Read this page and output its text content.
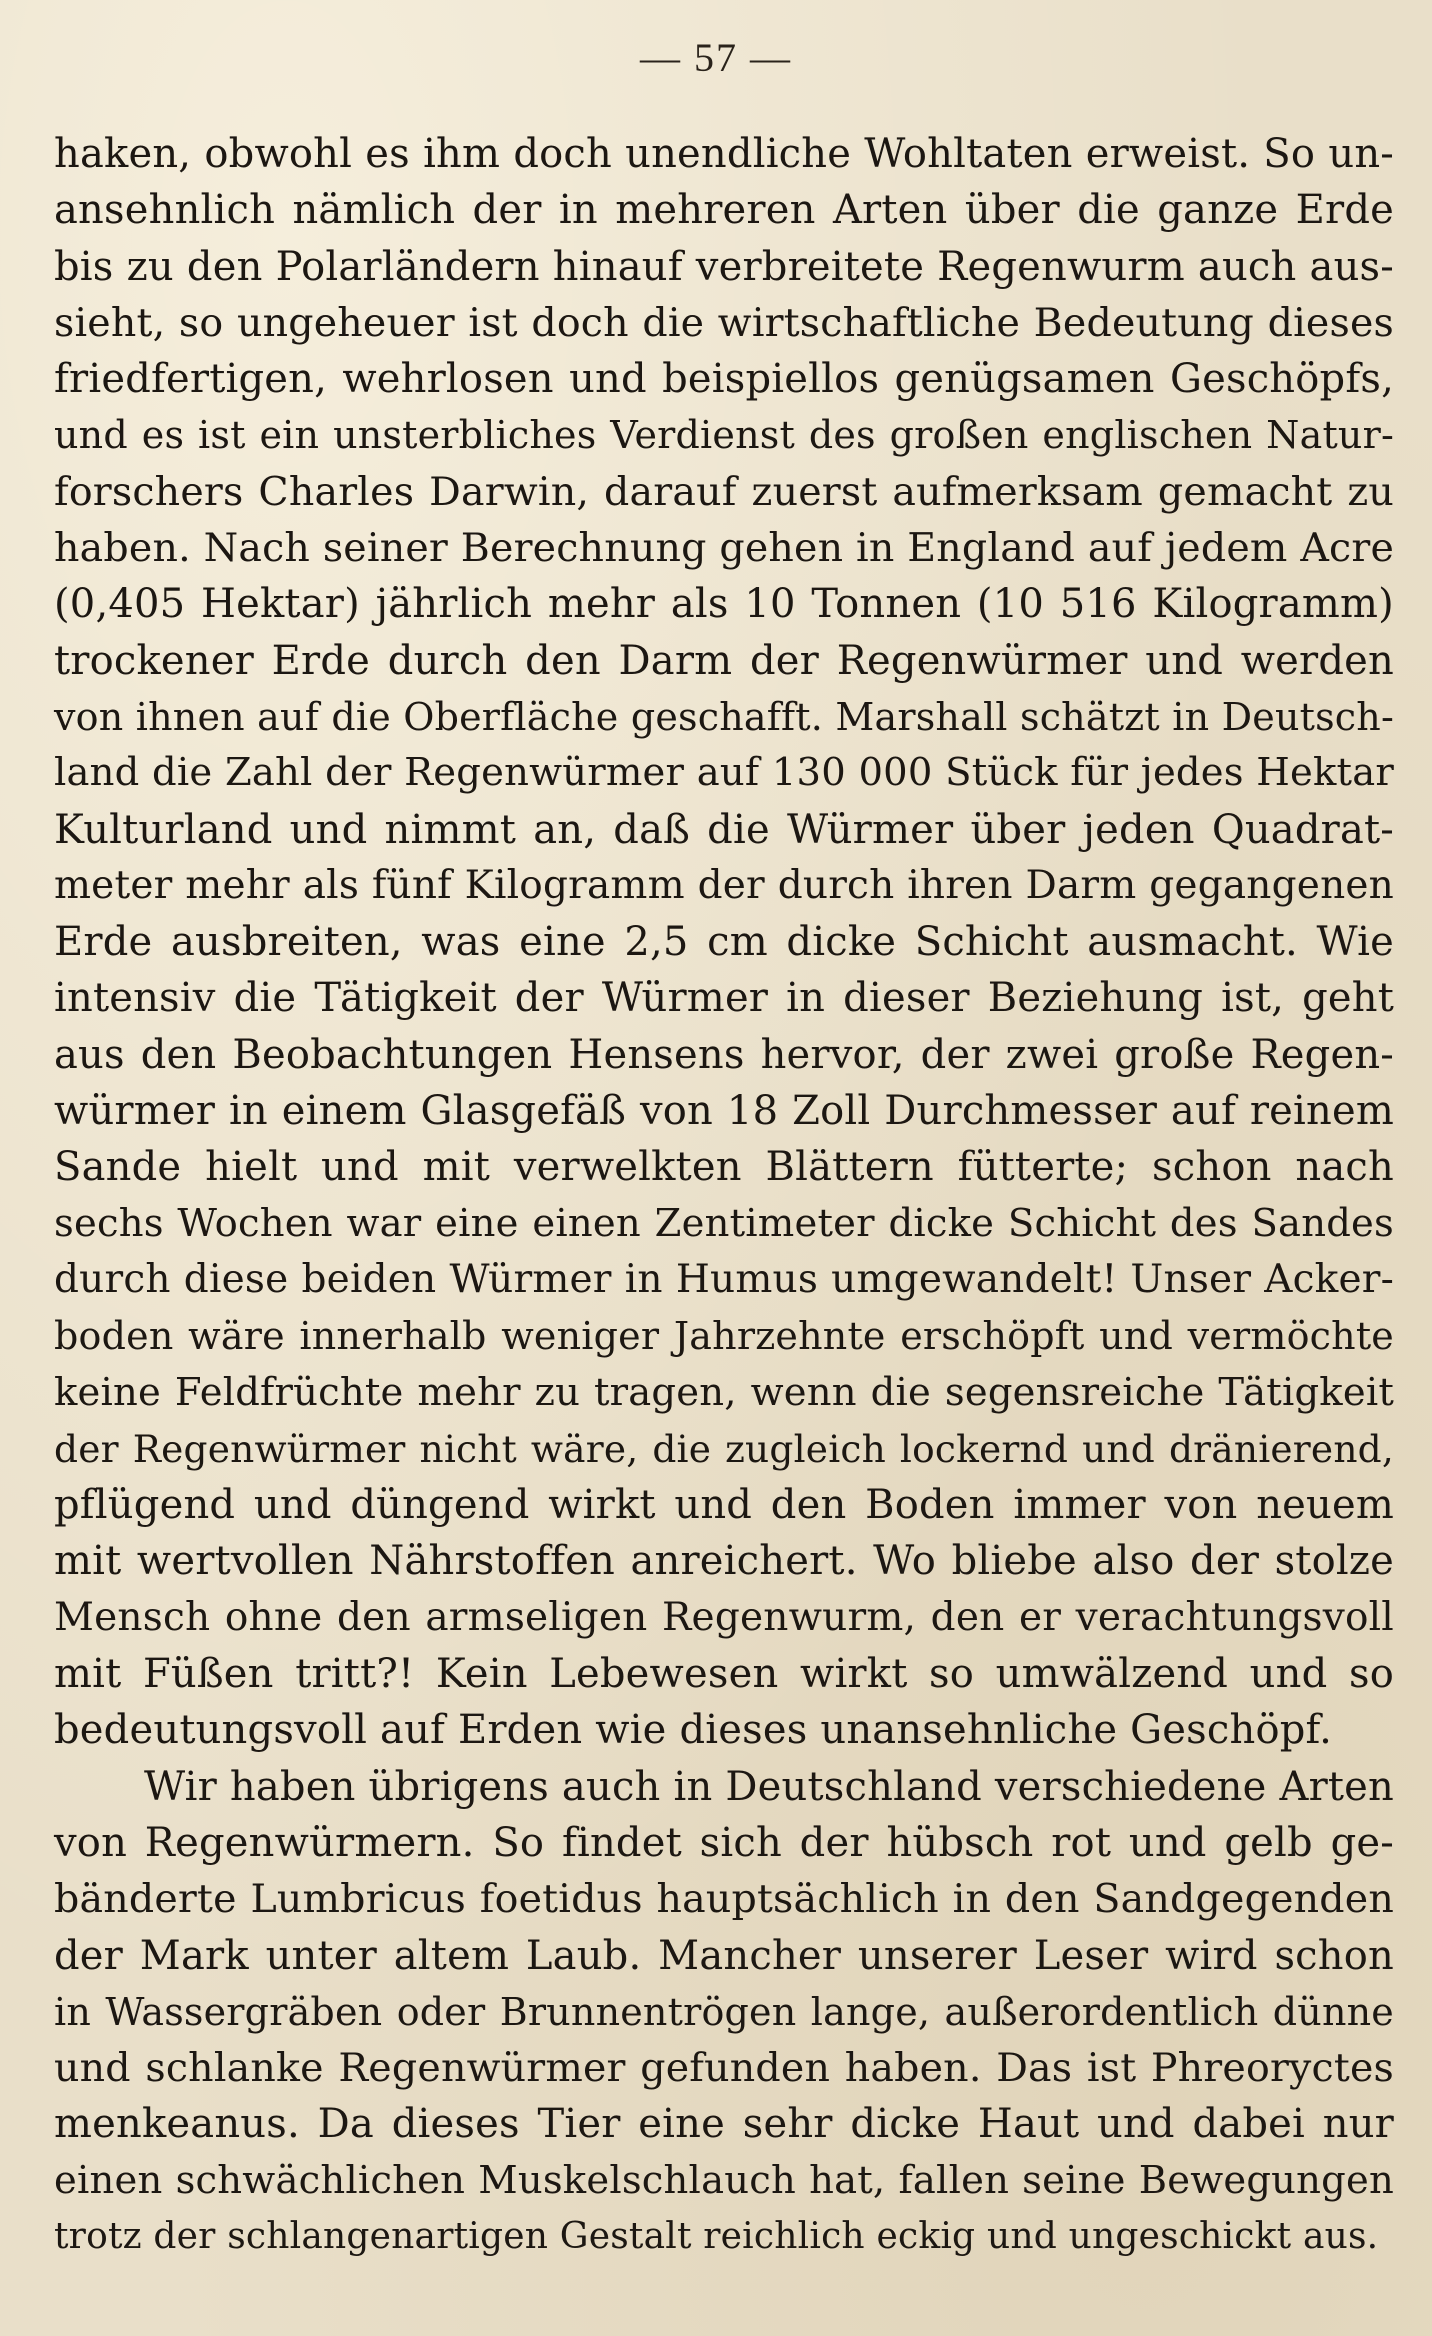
— 57 —
haken, obwohl es ihm doch unendliche Wohltaten erweist. So un-
ansehnlich nämlich der in mehreren Arten über die ganze Erde
bis zu den Polarländern hinauf verbreitete Regenwurm auch aus-
sieht, so ungeheuer ist doch die wirtschaftliche Bedeutung dieses
friedfertigen, wehrlosen und beispiellos genügsamen Geschöpfs,
und es ist ein unsterbliches Verdienst des großen englischen Natur-
forschers Charles Darwin, darauf zuerst aufmerksam gemacht zu
haben. Nach seiner Berechnung gehen in England auf jedem Acre
(0,405 Hektar) jährlich mehr als 10 Tonnen (10 516 Kilogramm)
trockener Erde durch den Darm der Regenwürmer und werden
von ihnen auf die Oberfläche geschafft. Marshall schätzt in Deutsch-
land die Zahl der Regenwürmer auf 130 000 Stück für jedes Hektar
Kulturland und nimmt an, daß die Würmer über jeden Quadrat-
meter mehr als fünf Kilogramm der durch ihren Darm gegangenen
Erde ausbreiten, was eine 2,5 cm dicke Schicht ausmacht. Wie
intensiv die Tätigkeit der Würmer in dieser Beziehung ist, geht
aus den Beobachtungen Hensens hervor, der zwei große Regen-
würmer in einem Glasgefäß von 18 Zoll Durchmesser auf reinem
Sande hielt und mit verwelkten Blättern fütterte; schon nach
sechs Wochen war eine einen Zentimeter dicke Schicht des Sandes
durch diese beiden Würmer in Humus umgewandelt! Unser Acker-
boden wäre innerhalb weniger Jahrzehnte erschöpft und vermöchte
keine Feldfrüchte mehr zu tragen, wenn die segensreiche Tätigkeit
der Regenwürmer nicht wäre, die zugleich lockernd und dränierend,
pflügend und düngend wirkt und den Boden immer von neuem
mit wertvollen Nährstoffen anreichert. Wo bliebe also der stolze
Mensch ohne den armseligen Regenwurm, den er verachtungsvoll
mit Füßen tritt?! Kein Lebewesen wirkt so umwälzend und so
bedeutungsvoll auf Erden wie dieses unansehnliche Geschöpf.
Wir haben übrigens auch in Deutschland verschiedene Arten
von Regenwürmern. So findet sich der hübsch rot und gelb ge-
bänderte Lumbricus foetidus hauptsächlich in den Sandgegenden
der Mark unter altem Laub. Mancher unserer Leser wird schon
in Wassergräben oder Brunnentrögen lange, außerordentlich dünne
und schlanke Regenwürmer gefunden haben. Das ist Phreoryctes
menkeanus. Da dieses Tier eine sehr dicke Haut und dabei nur
einen schwächlichen Muskelschlauch hat, fallen seine Bewegungen
trotz der schlangenartigen Gestalt reichlich eckig und ungeschickt aus.
